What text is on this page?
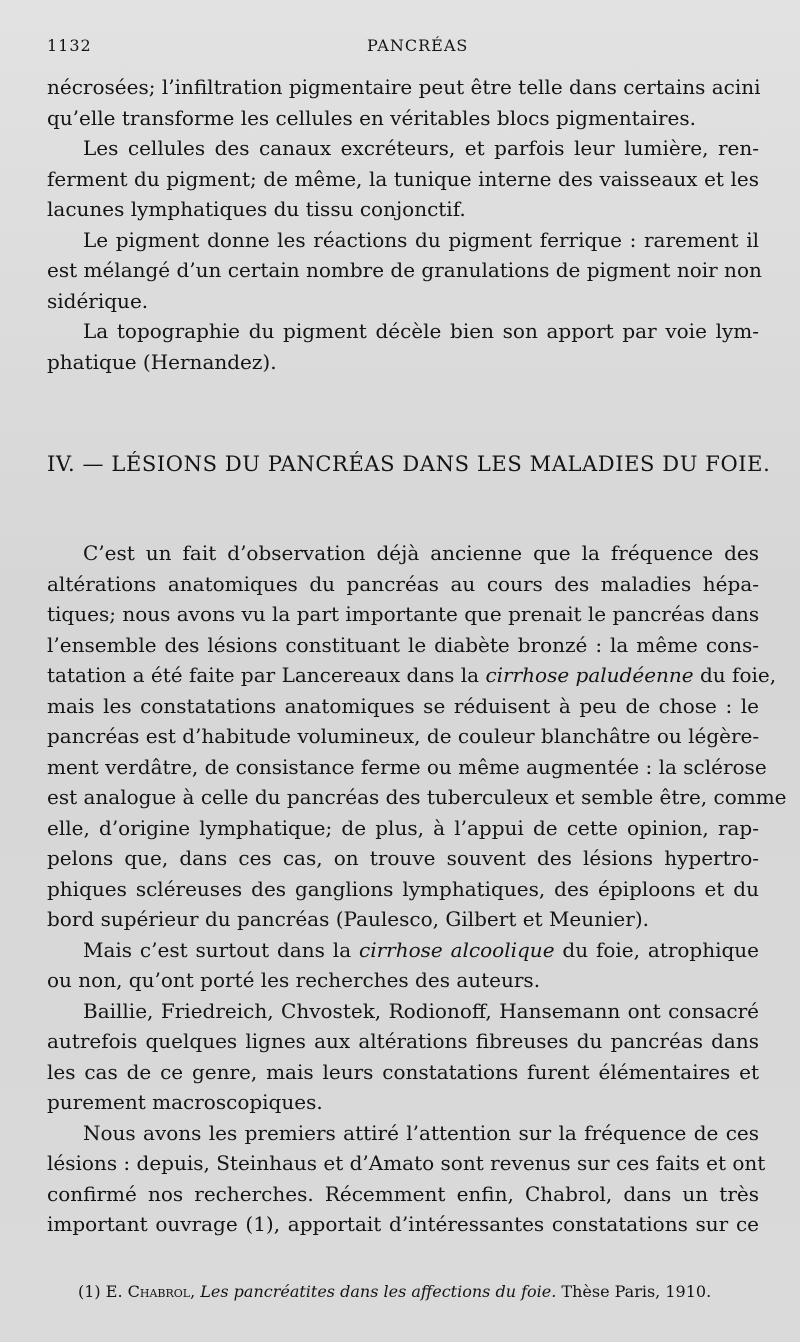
1132	PANCRÉAS
nécrosées; l’infiltration pigmentaire peut être telle dans certains acini
qu’elle transforme les cellules en véritables blocs pigmentaires.
Les cellules des canaux excréteurs, et parfois leur lumière, ren-
ferment du pigment; de même, la tunique interne des vaisseaux et les
lacunes lymphatiques du tissu conjonctif.
Le pigment donne les réactions du pigment ferrique : rarement il
est mélangé d’un certain nombre de granulations de pigment noir non
sidérique.
La topographie du pigment décèle bien son apport par voie lym-
phatique (Hernandez).
IV. — LÉSIONS DU PANCRÉAS DANS LES MALADIES DU FOIE.
C’est un fait d’observation déjà ancienne que la fréquence des
altérations anatomiques du pancréas au cours des maladies hépa-
tiques; nous avons vu la part importante que prenait le pancréas dans
l’ensemble des lésions constituant le diabète bronzé : la même cons-
tatation a été faite par Lancereaux dans la cirrhose paludéenne du foie,
mais les constatations anatomiques se réduisent à peu de chose : le
pancréas est d’habitude volumineux, de couleur blanchâtre ou légère-
ment verdâtre, de consistance ferme ou même augmentée : la sclérose
est analogue à celle du pancréas des tuberculeux et semble être, comme
elle, d’origine lymphatique; de plus, à l’appui de cette opinion, rap-
pelons que, dans ces cas, on trouve souvent des lésions hypertro-
phiques scléreuses des ganglions lymphatiques, des épiploons et du
bord supérieur du pancréas (Paulesco, Gilbert et Meunier).
Mais c’est surtout dans la cirrhose alcoolique du foie, atrophique
ou non, qu’ont porté les recherches des auteurs.
Baillie, Friedreich, Chvostek, Rodionoff, Hansemann ont consacré
autrefois quelques lignes aux altérations fibreuses du pancréas dans
les cas de ce genre, mais leurs constatations furent élémentaires et
purement macroscopiques.
Nous avons les premiers attiré l’attention sur la fréquence de ces
lésions : depuis, Steinhaus et d’Amato sont revenus sur ces faits et ont
confirmé nos recherches. Récemment enfin, Chabrol, dans un très
important ouvrage (1), apportait d’intéressantes constatations sur ce
(1) E. Chabrol, Les pancréatites dans les affections du foie. Thèse Paris, 1910.
